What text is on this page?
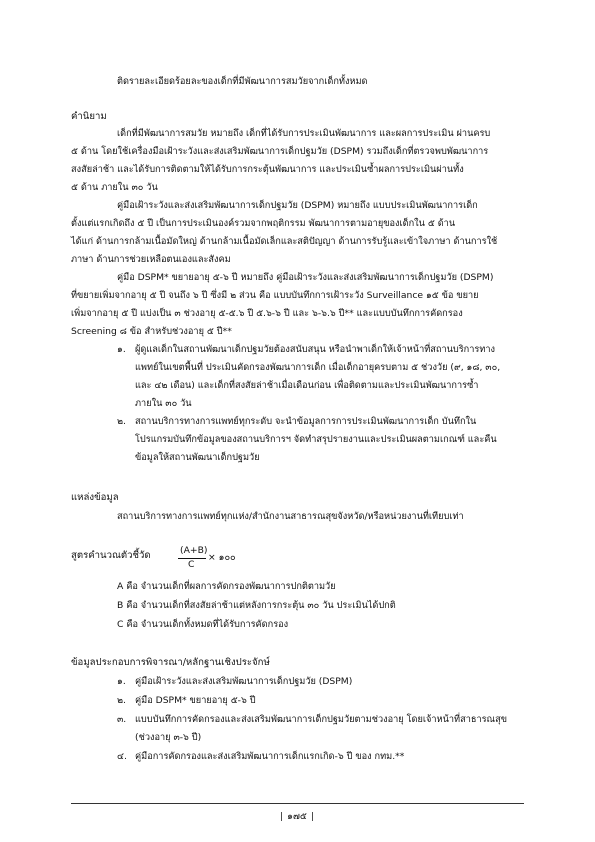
ติดรายละเอียดร้อยละของเด็กที่มีพัฒนาการสมวัยจากเด็กทั้งหมด
คำนิยาม
เด็กที่มีพัฒนาการสมวัย หมายถึง เด็กที่ได้รับการประเมินพัฒนาการ และผลการประเมิน ผ่านครบ
๕ ด้าน โดยใช้เครื่องมือเฝ้าระวังและส่งเสริมพัฒนาการเด็กปฐมวัย (DSPM) รวมถึงเด็กที่ตรวจพบพัฒนาการ
สงสัยล่าช้า และได้รับการติดตามให้ได้รับการกระตุ้นพัฒนาการ และประเมินซ้ำผลการประเมินผ่านทั้ง
๕ ด้าน ภายใน ๓๐ วัน
คู่มือเฝ้าระวังและส่งเสริมพัฒนาการเด็กปฐมวัย (DSPM) หมายถึง แบบประเมินพัฒนาการเด็ก
ตั้งแต่แรกเกิดถึง ๕ ปี เป็นการประเมินองค์รวมจากพฤติกรรม พัฒนาการตามอายุของเด็กใน ๕ ด้าน
ได้แก่ ด้านการกล้ามเนื้อมัดใหญ่ ด้านกล้ามเนื้อมัดเล็กและสติปัญญา ด้านการรับรู้และเข้าใจภาษา ด้านการใช้
ภาษา ด้านการช่วยเหลือตนเองและสังคม
คู่มือ DSPM* ขยายอายุ ๕-๖ ปี หมายถึง คู่มือเฝ้าระวังและส่งเสริมพัฒนาการเด็กปฐมวัย (DSPM)
ที่ขยายเพิ่มจากอายุ ๕ ปี จนถึง ๖ ปี ซึ่งมี ๒ ส่วน คือ แบบบันทึกการเฝ้าระวัง Surveillance ๑๕ ข้อ ขยาย
เพิ่มจากอายุ ๕ ปี แบ่งเป็น ๓ ช่วงอายุ ๕-๕.๖ ปี ๕.๖-๖ ปี และ ๖-๖.๖ ปี** และแบบบันทึกการคัดกรอง
Screening ๘ ข้อ สำหรับช่วงอายุ ๕ ปี**
๑. ผู้ดูแลเด็กในสถานพัฒนาเด็กปฐมวัยต้องสนับสนุน หรือนำพาเด็กให้เจ้าหน้าที่สถานบริการทาง
แพทย์ในเขตพื้นที่ ประเมินคัดกรองพัฒนาการเด็ก เมื่อเด็กอายุครบตาม ๕ ช่วงวัย (๙, ๑๘, ๓๐,
และ ๔๒ เดือน) และเด็กที่สงสัยล่าช้าเมื่อเดือนก่อน เพื่อติดตามและประเมินพัฒนาการซ้ำ
ภายใน ๓๐ วัน
๒. สถานบริการทางการแพทย์ทุกระดับ จะนำข้อมูลการการประเมินพัฒนาการเด็ก บันทึกใน
โปรแกรมบันทึกข้อมูลของสถานบริการฯ จัดทำสรุปรายงานและประเมินผลตามเกณฑ์ และคืน
ข้อมูลให้สถานพัฒนาเด็กปฐมวัย
แหล่งข้อมูล
สถานบริการทางการแพทย์ทุกแห่ง/สำนักงานสาธารณสุขจังหวัด/หรือหน่วยงานที่เทียบเท่า
สูตรคำนวณตัวชี้วัด	(A+B)
C
× ๑๐๐
A คือ จำนวนเด็กที่ผลการคัดกรองพัฒนาการปกติตามวัย
B คือ จำนวนเด็กที่สงสัยล่าช้าแต่หลังการกระตุ้น ๓๐ วัน ประเมินได้ปกติ
C คือ จำนวนเด็กทั้งหมดที่ได้รับการคัดกรอง
ข้อมูลประกอบการพิจารณา/หลักฐานเชิงประจักษ์
๑. คู่มือเฝ้าระวังและส่งเสริมพัฒนาการเด็กปฐมวัย (DSPM)
๒. คู่มือ DSPM* ขยายอายุ ๕-๖ ปี
๓. แบบบันทึกการคัดกรองและส่งเสริมพัฒนาการเด็กปฐมวัยตามช่วงอายุ โดยเจ้าหน้าที่สาธารณสุข
(ช่วงอายุ ๓-๖ ปี)
๔. คู่มือการคัดกรองและส่งเสริมพัฒนาการเด็กแรกเกิด-๖ ปี ของ กทม.**
| ๑๗๕ |
